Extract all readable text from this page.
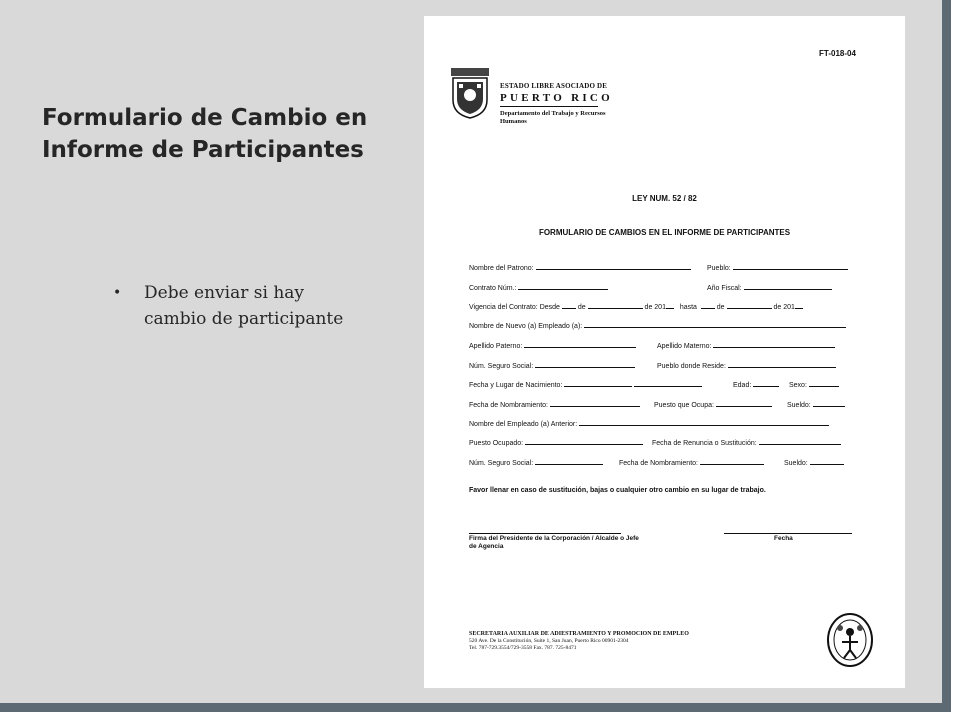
Formulario de Cambio en Informe de Participantes
• Debe enviar si hay cambio de participante
FT-018-04
ESTADO LIBRE ASOCIADO DE
PUERTO RICO
Departamento del Trabajo y Recursos Humanos
LEY NUM. 52 / 82
FORMULARIO DE CAMBIOS EN EL INFORME DE PARTICIPANTES
Nombre del Patrono:	Pueblo:
Contrato Núm.:	Año Fiscal:
Vigencia del Contrato: Desde	de	de 201 hasta	de	de 201
Nombre de Nuevo (a) Empleado (a):
Apellido Paterno:	Apellido Materno:
Núm. Seguro Social:	Pueblo donde Reside:
Fecha y Lugar de Nacimiento:	Edad:	Sexo:
Fecha de Nombramiento:	Puesto que Ocupa:	Sueldo:
Nombre del Empleado (a) Anterior:
Puesto Ocupado:	Fecha de Renuncia o Sustitución:
Núm. Seguro Social:	Fecha de Nombramiento:	Sueldo:
Favor llenar en caso de sustitución, bajas o cualquier otro cambio en su lugar de trabajo.
Firma del Presidente de la Corporación / Alcalde o Jefe de Agencia
Fecha
SECRETARIA AUXILIAR DE ADIESTRAMIENTO Y PROMOCION DE EMPLEO
520 Ave. De la Constitución, Suite 1, San Juan, Puerto Rico 00901-2304
Tel. 787-729.3554/729-3558 Fax. 787. 725-8471
